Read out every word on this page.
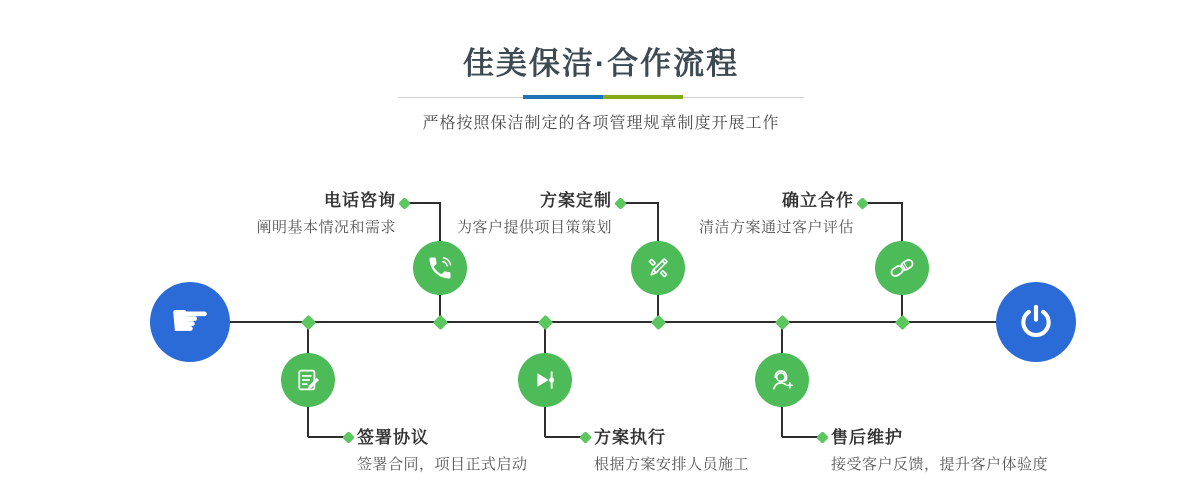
佳美保洁·合作流程
严格按照保洁制定的各项管理规章制度开展工作
☛
电话咨询
阐明基本情况和需求
方案定制
为客户提供项目策策划
确立合作
清洁方案通过客户评估
签署协议
签署合同，项目正式启动
方案执行
根据方案安排人员施工
售后维护
接受客户反馈，提升客户体验度
